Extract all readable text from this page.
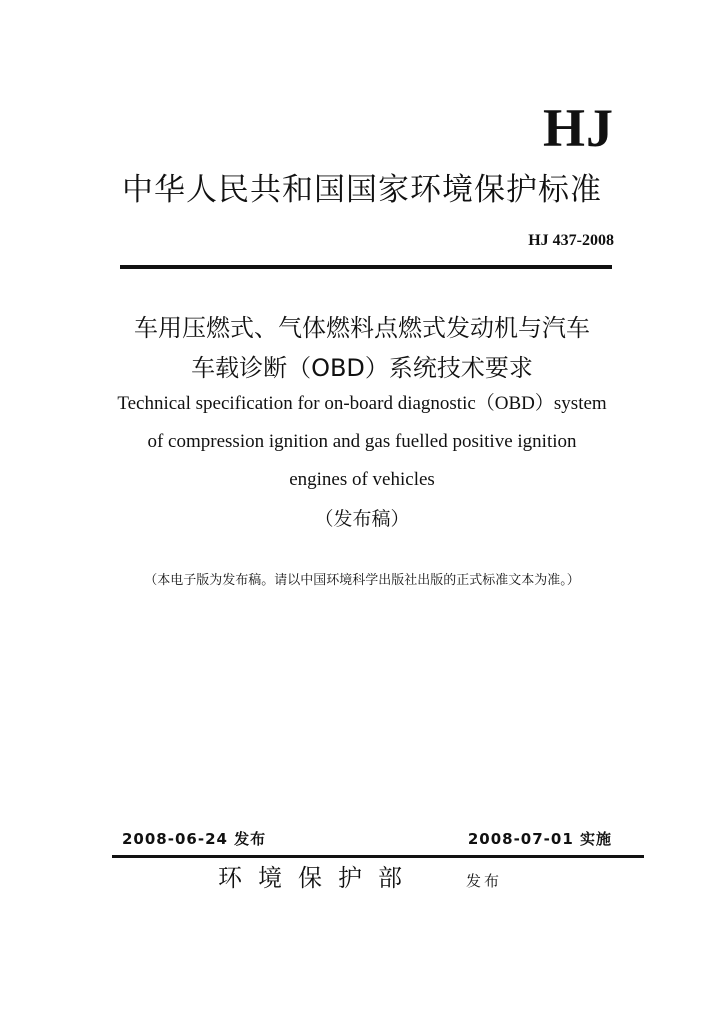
HJ
中华人民共和国国家环境保护标准
HJ 437-2008
车用压燃式、气体燃料点燃式发动机与汽车
车载诊断（OBD）系统技术要求
Technical specification for on-board diagnostic（OBD）system
of compression ignition and gas fuelled positive ignition
engines of vehicles
（发布稿）
（本电子版为发布稿。请以中国环境科学出版社出版的正式标准文本为准。）
2008-06-24 发布	2008-07-01 实施
环境保护部	发布
